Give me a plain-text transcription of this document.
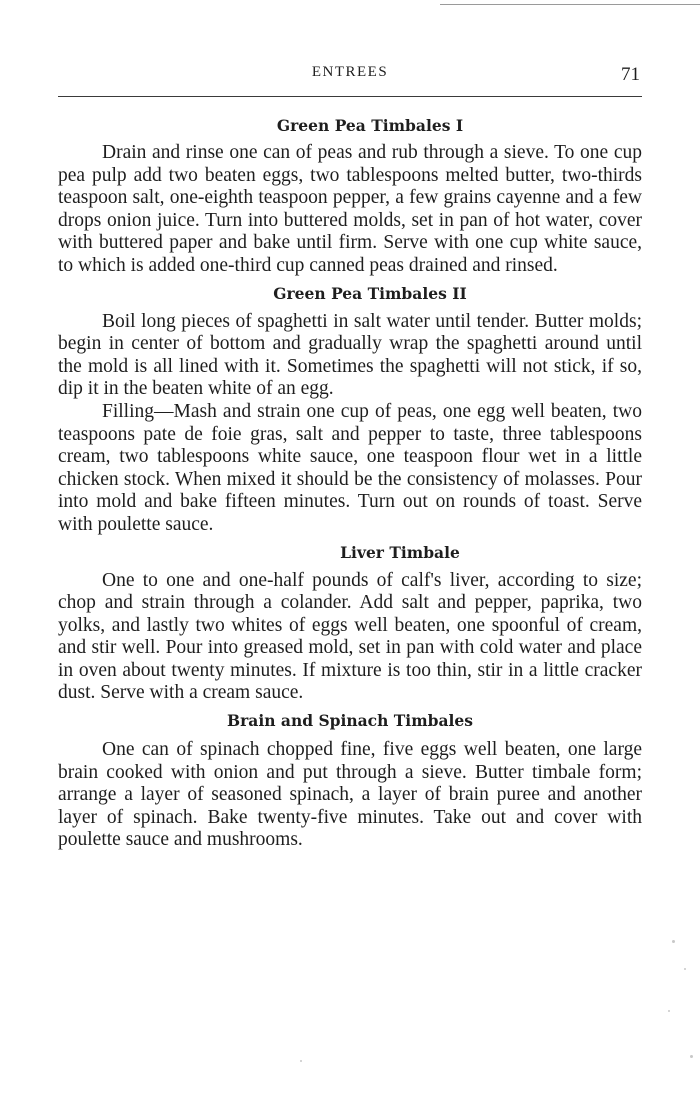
ENTREES	71
Green Pea Timbales I

Drain and rinse one can of peas and rub through a sieve. To one cup pea pulp add two beaten eggs, two tablespoons melted butter, two-thirds teaspoon salt, one-eighth teaspoon pepper, a few grains cayenne and a few drops onion juice. Turn into buttered molds, set in pan of hot water, cover with buttered paper and bake until firm. Serve with one cup white sauce, to which is added one-third cup canned peas drained and rinsed.

Green Pea Timbales II

Boil long pieces of spaghetti in salt water until tender. Butter molds; begin in center of bottom and gradually wrap the spaghetti around until the mold is all lined with it. Sometimes the spaghetti will not stick, if so, dip it in the beaten white of an egg.

Filling—Mash and strain one cup of peas, one egg well beaten, two teaspoons pate de foie gras, salt and pepper to taste, three tablespoons cream, two tablespoons white sauce, one teaspoon flour wet in a little chicken stock. When mixed it should be the consistency of molasses. Pour into mold and bake fifteen minutes. Turn out on rounds of toast. Serve with poulette sauce.

Liver Timbale

One to one and one-half pounds of calf's liver, according to size; chop and strain through a colander. Add salt and pepper, paprika, two yolks, and lastly two whites of eggs well beaten, one spoonful of cream, and stir well. Pour into greased mold, set in pan with cold water and place in oven about twenty minutes. If mixture is too thin, stir in a little cracker dust. Serve with a cream sauce.

Brain and Spinach Timbales

One can of spinach chopped fine, five eggs well beaten, one large brain cooked with onion and put through a sieve. Butter timbale form; arrange a layer of seasoned spinach, a layer of brain puree and another layer of spinach. Bake twenty-five minutes. Take out and cover with poulette sauce and mushrooms.
